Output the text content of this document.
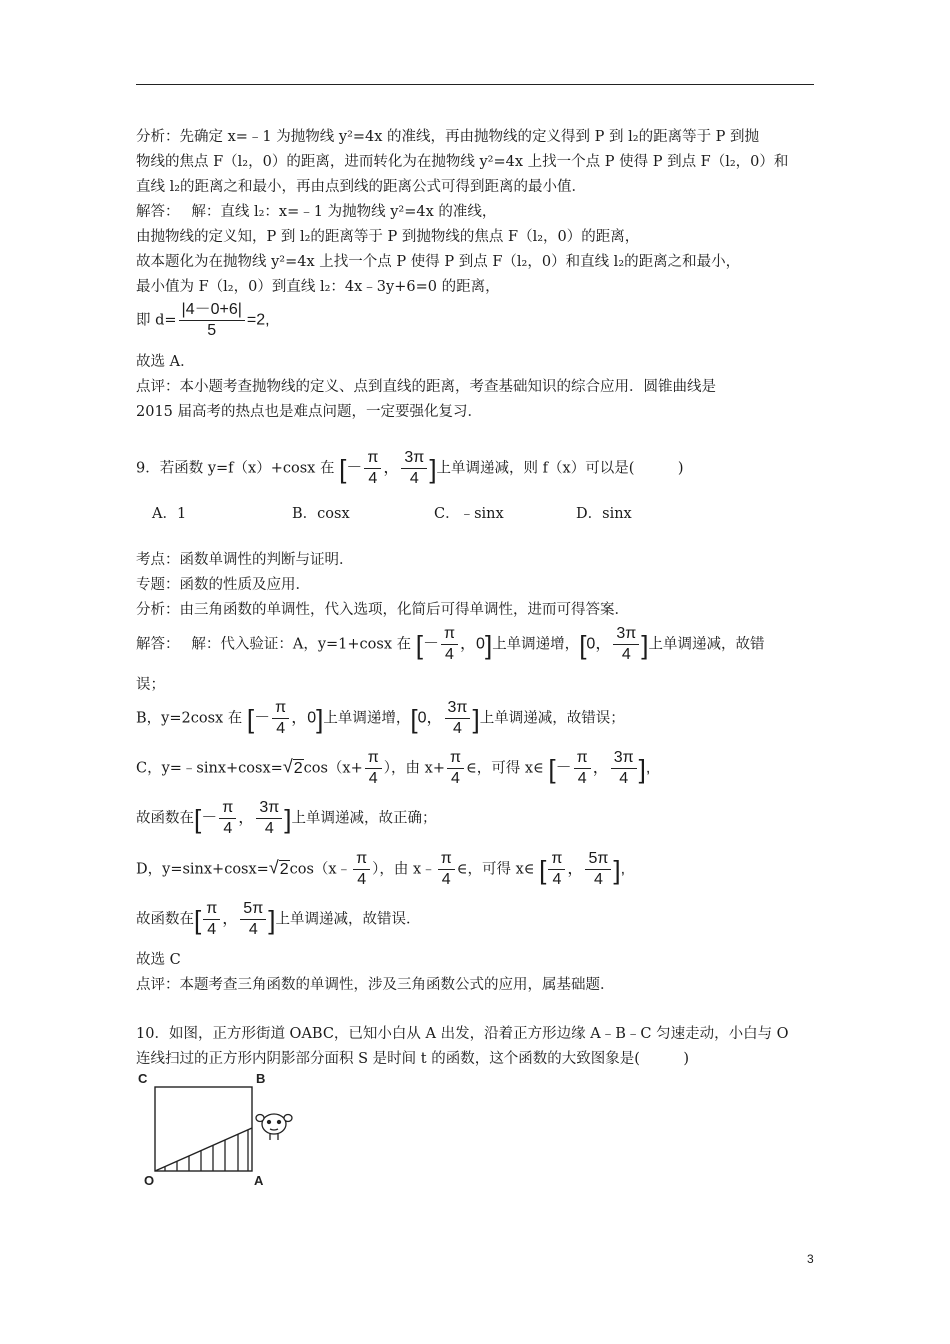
分析：先确定 x=﹣1 为抛物线 y²=4x 的准线，再由抛物线的定义得到 P 到 l₂的距离等于 P 到抛
物线的焦点 F（l₂，0）的距离，进而转化为在抛物线 y²=4x 上找一个点 P 使得 P 到点 F（l₂，0）和
直线 l₂的距离之和最小，再由点到线的距离公式可得到距离的最小值．
解答：　 解：直线 l₂：x=﹣1 为抛物线 y²=4x 的准线，
由抛物线的定义知，P 到 l₂的距离等于 P 到抛物线的焦点 F（l₂，0）的距离，
故本题化为在抛物线 y²=4x 上找一个点 P 使得 P 到点 F（l₂，0）和直线 l₂的距离之和最小，
最小值为 F（l₂，0）到直线 l₂：4x﹣3y+6=0 的距离，
即 $d= \frac{|4-0+6|}{5} =2$,
故选 A．
点评：本小题考查抛物线的定义、点到直线的距离，考查基础知识的综合应用．圆锥曲线是
2015 届高考的热点也是难点问题，一定要强化复习．
9．若函数 y=f（x）+cosx 在 [－ $\frac{\pi}{4}$ ， $\frac{3\pi}{4}$ ]上单调递减，则 f（x）可以是(　　　)
A．1	B．cosx	C．﹣sinx	D．sinx
考点：函数单调性的判断与证明．
专题：函数的性质及应用．
分析：由三角函数的单调性，代入选项，化简后可得单调性，进而可得答案．
解答：　 解：代入验证：A，y=1+cosx 在 [－ $\frac{\pi}{4}$ ，0]上单调递增，[0， $\frac{3\pi}{4}$ ]上单调递减，故错
误；
B，y=2cosx 在 [－ $\frac{\pi}{4}$ ，0]上单调递增，[0， $\frac{3\pi}{4}$ ]上单调递减，故错误；
C，y=﹣sinx+cosx=√2cos（x+ $\frac{\pi}{4}$ ），由 $x+ \frac{\pi}{4}$ ∈，可得 x∈ [－ $\frac{\pi}{4}$ ， $\frac{3\pi}{4}$ ],
故函数在[－ $\frac{\pi}{4}$ ， $\frac{3\pi}{4}$ ]上单调递减，故正确；
D，y=sinx+cosx=√2cos（x﹣ $\frac{\pi}{4}$ ），由 x﹣ $\frac{\pi}{4}$ ∈，可得 x∈ [ $\frac{\pi}{4}$ ， $\frac{5\pi}{4}$ ],
故函数在[ $\frac{\pi}{4}$ ， $\frac{5\pi}{4}$ ]上单调递减，故错误．
故选 C
点评：本题考查三角函数的单调性，涉及三角函数公式的应用，属基础题．
10．如图，正方形街道 OABC，已知小白从 A 出发，沿着正方形边缘 A﹣B﹣C 匀速走动，小白与 O
连线扫过的正方形内阴影部分面积 S 是时间 t 的函数，这个函数的大致图象是(　　　)
C	B
O	A
3
